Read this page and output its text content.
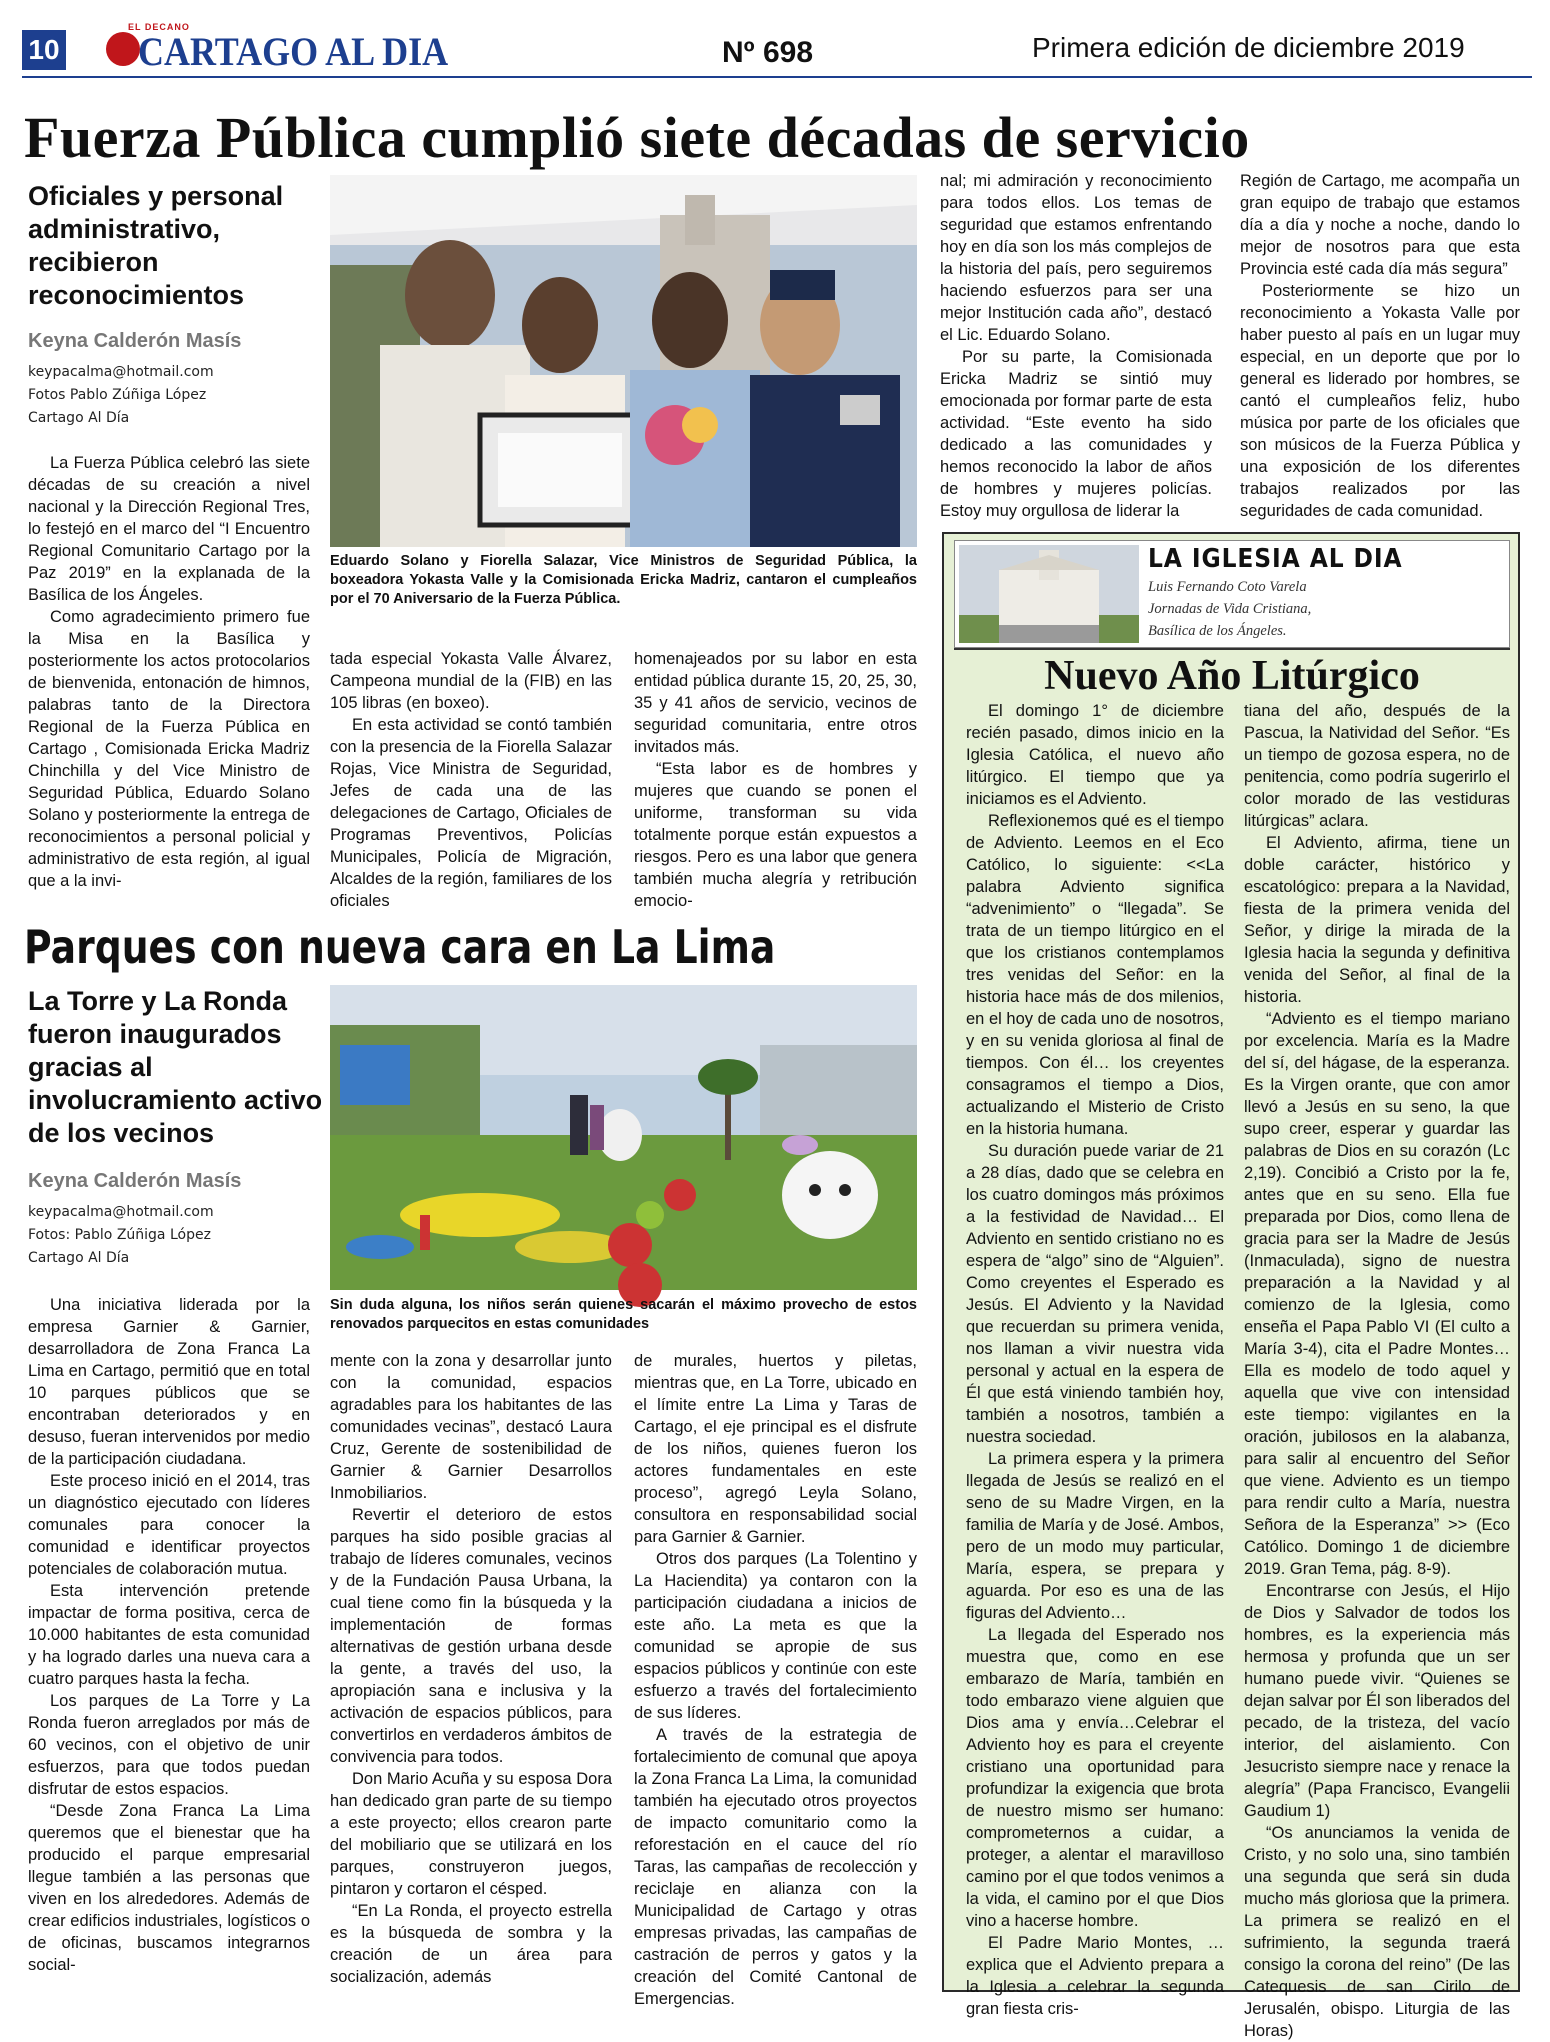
10
EL DECANO
CARTAGO AL DIA	Nº 698	Primera edición de diciembre 2019
Fuerza Pública cumplió siete décadas de servicio
Oficiales y personal administrativo, recibieron reconocimientos
Keyna Calderón Masís
keypacalma@hotmail.com
Fotos Pablo Zúñiga López
Cartago Al Día

La Fuerza Pública celebró las siete décadas de su creación a nivel nacional y la Dirección Regional Tres, lo festejó en el marco del “I Encuentro Regional Comunitario Cartago por la Paz 2019” en la explanada de la Basílica de los Ángeles.

Como agradecimiento primero fue la Misa en la Basílica y posteriormente los actos protocolarios de bienvenida, entonación de himnos, palabras tanto de la Directora Regional de la Fuerza Pública en Cartago , Comisionada Ericka Madriz Chinchilla y del Vice Ministro de Seguridad Pública, Eduardo Solano Solano y posteriormente la entrega de reconocimientos a personal policial y administrativo de esta región, al igual que a la invi-

Eduardo Solano y Fiorella Salazar, Vice Ministros de Seguridad Pública, la boxeadora Yokasta Valle y la Comisionada Ericka Madriz, cantaron el cumpleaños por el 70 Aniversario de la Fuerza Pública.

tada especial Yokasta Valle Álvarez, Campeona mundial de la (FIB) en las 105 libras (en boxeo).

En esta actividad se contó también con la presencia de la Fiorella Salazar Rojas, Vice Ministra de Seguridad, Jefes de cada una de las delegaciones de Cartago, Oficiales de Programas Preventivos, Policías Municipales, Policía de Migración, Alcaldes de la región, familiares de los oficiales

homenajeados por su labor en esta entidad pública durante 15, 20, 25, 30, 35 y 41 años de servicio, vecinos de seguridad comunitaria, entre otros invitados más.

“Esta labor es de hombres y mujeres que cuando se ponen el uniforme, transforman su vida totalmente porque están expuestos a riesgos. Pero es una labor que genera también mucha alegría y retribución emocio-

nal; mi admiración y reconocimiento para todos ellos. Los temas de seguridad que estamos enfrentando hoy en día son los más complejos de la historia del país, pero seguiremos haciendo esfuerzos para ser una mejor Institución cada año”, destacó el Lic. Eduardo Solano.

Por su parte, la Comisionada Ericka Madriz se sintió muy emocionada por formar parte de esta actividad. “Este evento ha sido dedicado a las comunidades y hemos reconocido la labor de años de hombres y mujeres policías. Estoy muy orgullosa de liderar la

Región de Cartago, me acompaña un gran equipo de trabajo que estamos día a día y noche a noche, dando lo mejor de nosotros para que esta Provincia esté cada día más segura”

Posteriormente se hizo un reconocimiento a Yokasta Valle por haber puesto al país en un lugar muy especial, en un deporte que por lo general es liderado por hombres, se cantó el cumpleaños feliz, hubo música por parte de los oficiales que son músicos de la Fuerza Pública y una exposición de los diferentes trabajos realizados por las seguridades de cada comunidad.

Parques con nueva cara en La Lima
La Torre y La Ronda fueron inaugurados gracias al involucramiento activo de los vecinos
Keyna Calderón Masís
keypacalma@hotmail.com
Fotos: Pablo Zúñiga López
Cartago Al Día
Sin duda alguna, los niños serán quienes sacarán el máximo provecho de estos renovados parquecitos en estas comunidades

Una iniciativa liderada por la empresa Garnier & Garnier, desarrolladora de Zona Franca La Lima en Cartago, permitió que en total 10 parques públicos que se encontraban deteriorados y en desuso, fueran intervenidos por medio de la participación ciudadana.

Este proceso inició en el 2014, tras un diagnóstico ejecutado con líderes comunales para conocer la comunidad e identificar proyectos potenciales de colaboración mutua.

Esta intervención pretende impactar de forma positiva, cerca de 10.000 habitantes de esta comunidad y ha logrado darles una nueva cara a cuatro parques hasta la fecha.

Los parques de La Torre y La Ronda fueron arreglados por más de 60 vecinos, con el objetivo de unir esfuerzos, para que todos puedan disfrutar de estos espacios.

“Desde Zona Franca La Lima queremos que el bienestar que ha producido el parque empresarial llegue también a las personas que viven en los alrededores. Además de crear edificios industriales, logísticos o de oficinas, buscamos integrarnos social-

mente con la zona y desarrollar junto con la comunidad, espacios agradables para los habitantes de las comunidades vecinas”, destacó Laura Cruz, Gerente de sostenibilidad de Garnier & Garnier Desarrollos Inmobiliarios.

Revertir el deterioro de estos parques ha sido posible gracias al trabajo de líderes comunales, vecinos y de la Fundación Pausa Urbana, la cual tiene como fin la búsqueda y la implementación de formas alternativas de gestión urbana desde la gente, a través del uso, la apropiación sana e inclusiva y la activación de espacios públicos, para convertirlos en verdaderos ámbitos de convivencia para todos.

Don Mario Acuña y su esposa Dora han dedicado gran parte de su tiempo a este proyecto; ellos crearon parte del mobiliario que se utilizará en los parques, construyeron juegos, pintaron y cortaron el césped.

“En La Ronda, el proyecto estrella es la búsqueda de sombra y la creación de un área para socialización, además

de murales, huertos y piletas, mientras que, en La Torre, ubicado en el límite entre La Lima y Taras de Cartago, el eje principal es el disfrute de los niños, quienes fueron los actores fundamentales en este proceso”, agregó Leyla Solano, consultora en responsabilidad social para Garnier & Garnier.

Otros dos parques (La Tolentino y La Haciendita) ya contaron con la participación ciudadana a inicios de este año. La meta es que la comunidad se apropie de sus espacios públicos y continúe con este esfuerzo a través del fortalecimiento de sus líderes.

A través de la estrategia de fortalecimiento de comunal que apoya la Zona Franca La Lima, la comunidad también ha ejecutado otros proyectos de impacto comunitario como la reforestación en el cauce del río Taras, las campañas de recolección y reciclaje en alianza con la Municipalidad de Cartago y otras empresas privadas, las campañas de castración de perros y gatos y la creación del Comité Cantonal de Emergencias.

LA IGLESIA AL DIA
Luis Fernando Coto Varela
Jornadas de Vida Cristiana,
Basílica de los Ángeles.
Nuevo Año Litúrgico

El domingo 1° de diciembre recién pasado, dimos inicio en la Iglesia Católica, el nuevo año litúrgico. El tiempo que ya iniciamos es el Adviento.

Reflexionemos qué es el tiempo de Adviento. Leemos en el Eco Católico, lo siguiente: <<La palabra Adviento significa “advenimiento” o “llegada”. Se trata de un tiempo litúrgico en el que los cristianos contemplamos tres venidas del Señor: en la historia hace más de dos milenios, en el hoy de cada uno de nosotros, y en su venida gloriosa al final de tiempos. Con él… los creyentes consagramos el tiempo a Dios, actualizando el Misterio de Cristo en la historia humana.

Su duración puede variar de 21 a 28 días, dado que se celebra en los cuatro domingos más próximos a la festividad de Navidad… El Adviento en sentido cristiano no es espera de “algo” sino de “Alguien”. Como creyentes el Esperado es Jesús. El Adviento y la Navidad que recuerdan su primera venida, nos llaman a vivir nuestra vida personal y actual en la espera de Él que está viniendo también hoy, también a nosotros, también a nuestra sociedad.

La primera espera y la primera llegada de Jesús se realizó en el seno de su Madre Virgen, en la familia de María y de José. Ambos, pero de un modo muy particular, María, espera, se prepara y aguarda. Por eso es una de las figuras del Adviento…

La llegada del Esperado nos muestra que, como en ese embarazo de María, también en todo embarazo viene alguien que Dios ama y envía…Celebrar el Adviento hoy es para el creyente cristiano una oportunidad para profundizar la exigencia que brota de nuestro mismo ser humano: comprometernos a cuidar, a proteger, a alentar el maravilloso camino por el que todos venimos a la vida, el camino por el que Dios vino a hacerse hombre.

El Padre Mario Montes, … explica que el Adviento prepara a la Iglesia a celebrar la segunda gran fiesta cris-

tiana del año, después de la Pascua, la Natividad del Señor. “Es un tiempo de gozosa espera, no de penitencia, como podría sugerirlo el color morado de las vestiduras litúrgicas” aclara.

El Adviento, afirma, tiene un doble carácter, histórico y escatológico: prepara a la Navidad, fiesta de la primera venida del Señor, y dirige la mirada de la Iglesia hacia la segunda y definitiva venida del Señor, al final de la historia.

“Adviento es el tiempo mariano por excelencia. María es la Madre del sí, del hágase, de la esperanza. Es la Virgen orante, que con amor llevó a Jesús en su seno, la que supo creer, esperar y guardar las palabras de Dios en su corazón (Lc 2,19). Concibió a Cristo por la fe, antes que en su seno. Ella fue preparada por Dios, como llena de gracia para ser la Madre de Jesús (Inmaculada), signo de nuestra preparación a la Navidad y al comienzo de la Iglesia, como enseña el Papa Pablo VI (El culto a María 3-4), cita el Padre Montes…Ella es modelo de todo aquel y aquella que vive con intensidad este tiempo: vigilantes en la oración, jubilosos en la alabanza, para salir al encuentro del Señor que viene. Adviento es un tiempo para rendir culto a María, nuestra Señora de la Esperanza” >> (Eco Católico. Domingo 1 de diciembre 2019. Gran Tema, pág. 8-9).

Encontrarse con Jesús, el Hijo de Dios y Salvador de todos los hombres, es la experiencia más hermosa y profunda que un ser humano puede vivir. “Quienes se dejan salvar por Él son liberados del pecado, de la tristeza, del vacío interior, del aislamiento. Con Jesucristo siempre nace y renace la alegría” (Papa Francisco, Evangelii Gaudium 1)

“Os anunciamos la venida de Cristo, y no solo una, sino también una segunda que será sin duda mucho más gloriosa que la primera. La primera se realizó en el sufrimiento, la segunda traerá consigo la corona del reino” (De las Catequesis de san Cirilo de Jerusalén, obispo. Liturgia de las Horas)
